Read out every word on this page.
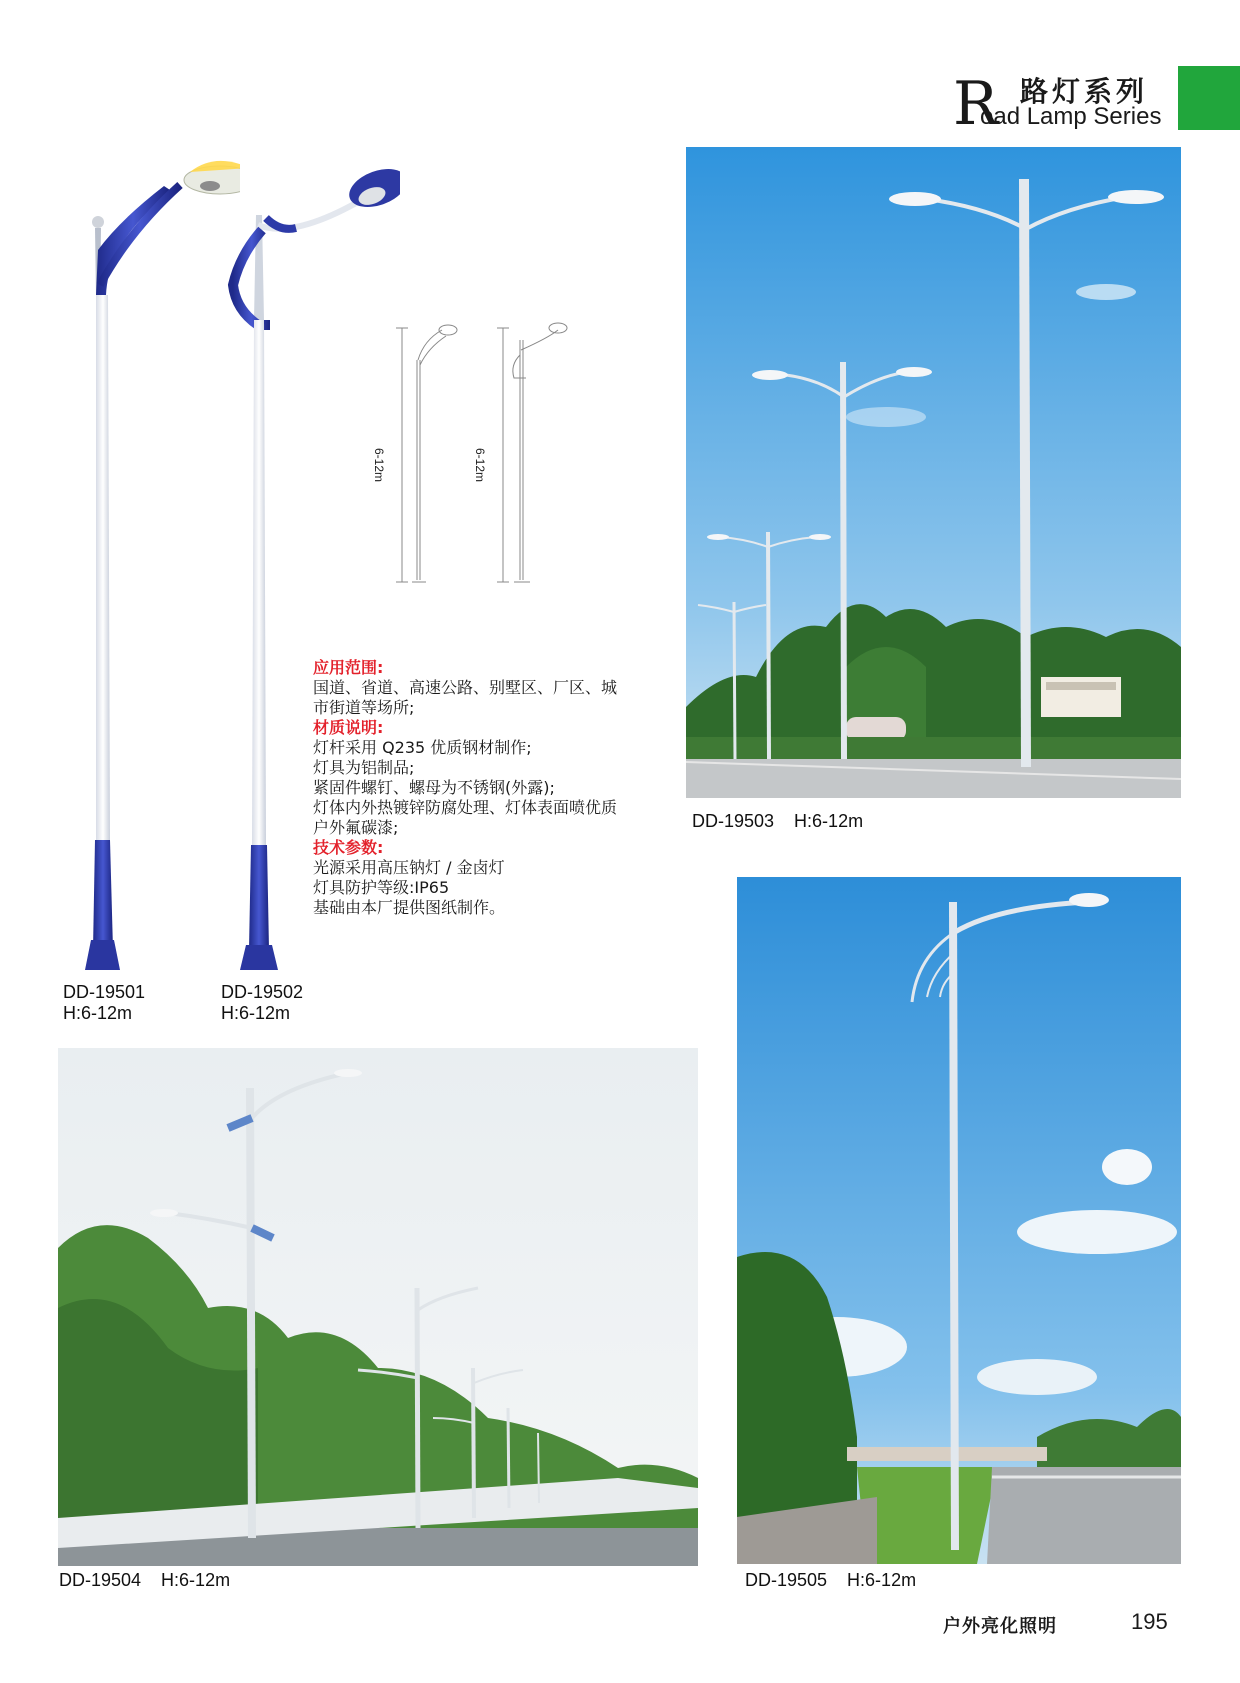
路灯系列
R
oad Lamp Series
6-12m	6-12m
应用范围:
国道、省道、高速公路、别墅区、厂区、城
市街道等场所;
材质说明:
灯杆采用 Q235 优质钢材制作;
灯具为铝制品;
紧固件螺钉、螺母为不锈钢(外露);
灯体内外热镀锌防腐处理、灯体表面喷优质
户外氟碳漆;
技术参数:
光源采用高压钠灯 / 金卤灯
灯具防护等级:IP65
基础由本厂提供图纸制作。
DD-19501
H:6-12m
DD-19502
H:6-12m
DD-19503 H:6-12m
DD-19504 H:6-12m	DD-19505 H:6-12m
户外亮化照明	195
